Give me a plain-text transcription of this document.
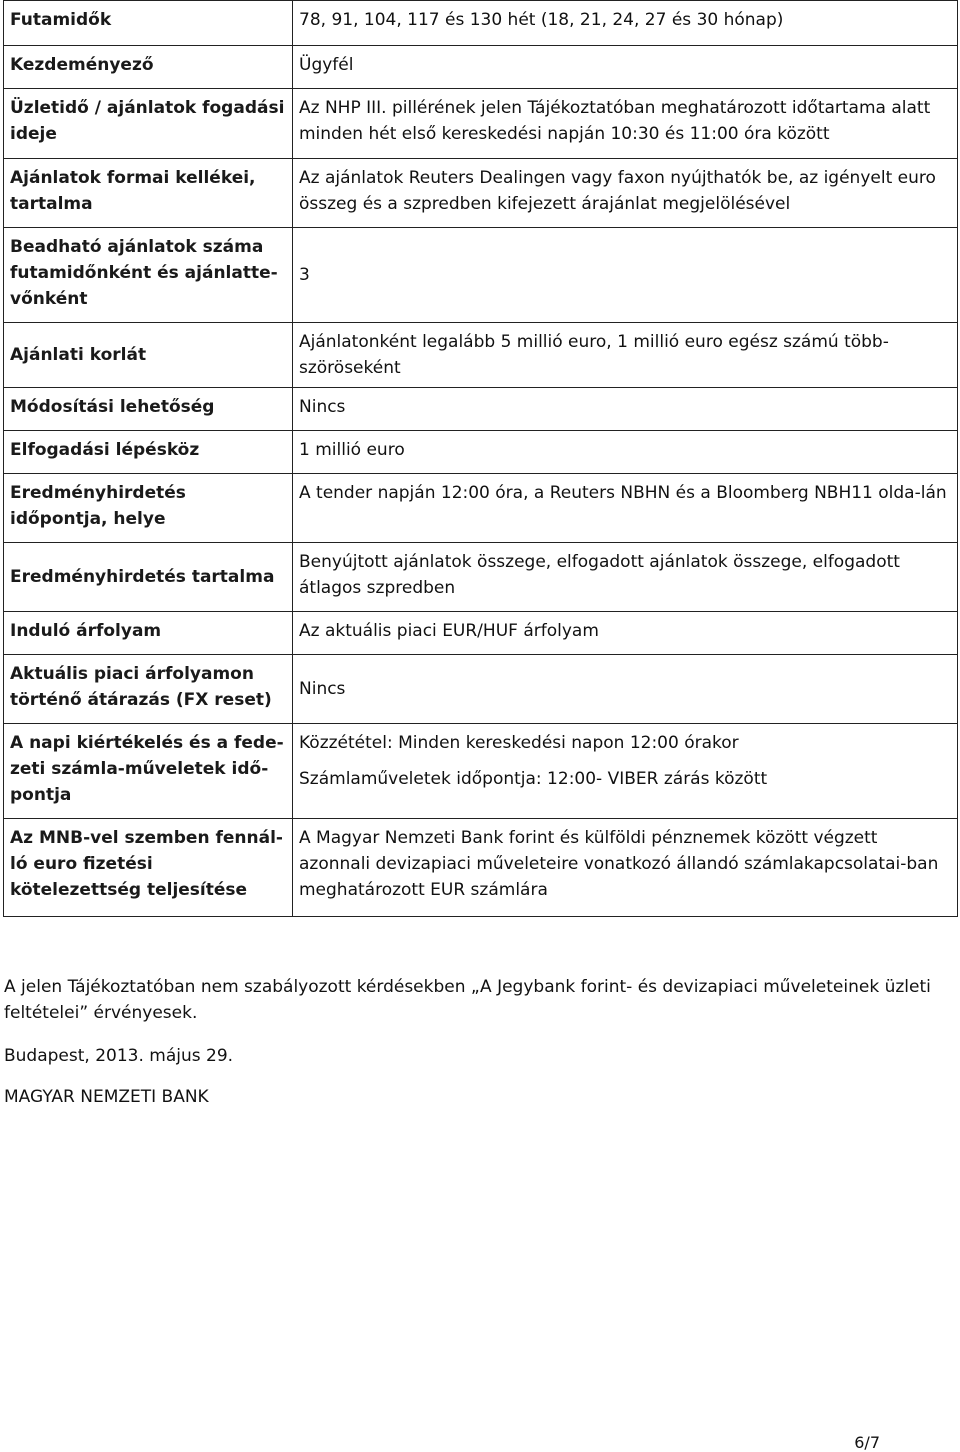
Futamidők	78, 91, 104, 117 és 130 hét (18, 21, 24, 27 és 30 hónap)

Kezdeményező	Ügyfél

Üzletidő / ajánlatok fogadási ideje	Az NHP III. pillérének jelen Tájékoztatóban meghatározott időtartama alatt minden hét első kereskedési napján 10:30 és 11:00 óra között

Ajánlatok formai kellékei, tartalma	Az ajánlatok Reuters Dealingen vagy faxon nyújthatók be, az igényelt euro összeg és a szpredben kifejezett árajánlat megjelölésével

Beadható ajánlatok száma futamidőnként és ajánlatte-vőnként	3

Ajánlati korlát	Ajánlatonként legalább 5 millió euro, 1 millió euro egész számú több-szöröseként

Módosítási lehetőség	Nincs

Elfogadási lépésköz	1 millió euro

Eredményhirdetés időpontja, helye	A tender napján 12:00 óra, a Reuters NBHN és a Bloomberg NBH11 olda-lán

Eredményhirdetés tartalma	Benyújtott ajánlatok összege, elfogadott ajánlatok összege, elfogadott átlagos szpredben

Induló árfolyam	Az aktuális piaci EUR/HUF árfolyam

Aktuális piaci árfolyamon történő átárazás (FX reset)	Nincs

A napi kiértékelés és a fede-zeti számla-műveletek idő-pontja	Közzététel: Minden kereskedési napon 12:00 órakor

Számlaműveletek időpontja: 12:00- VIBER zárás között

Az MNB-vel szemben fennál-ló euro fizetési kötelezettség teljesítése	A Magyar Nemzeti Bank forint és külföldi pénznemek között végzett azonnali devizapiaci műveleteire vonatkozó állandó számlakapcsolatai-ban meghatározott EUR számlára

A jelen Tájékoztatóban nem szabályozott kérdésekben „A Jegybank forint- és devizapiaci műveleteinek üzleti feltételei” érvényesek.

Budapest, 2013. május 29.

MAGYAR NEMZETI BANK

6/7
